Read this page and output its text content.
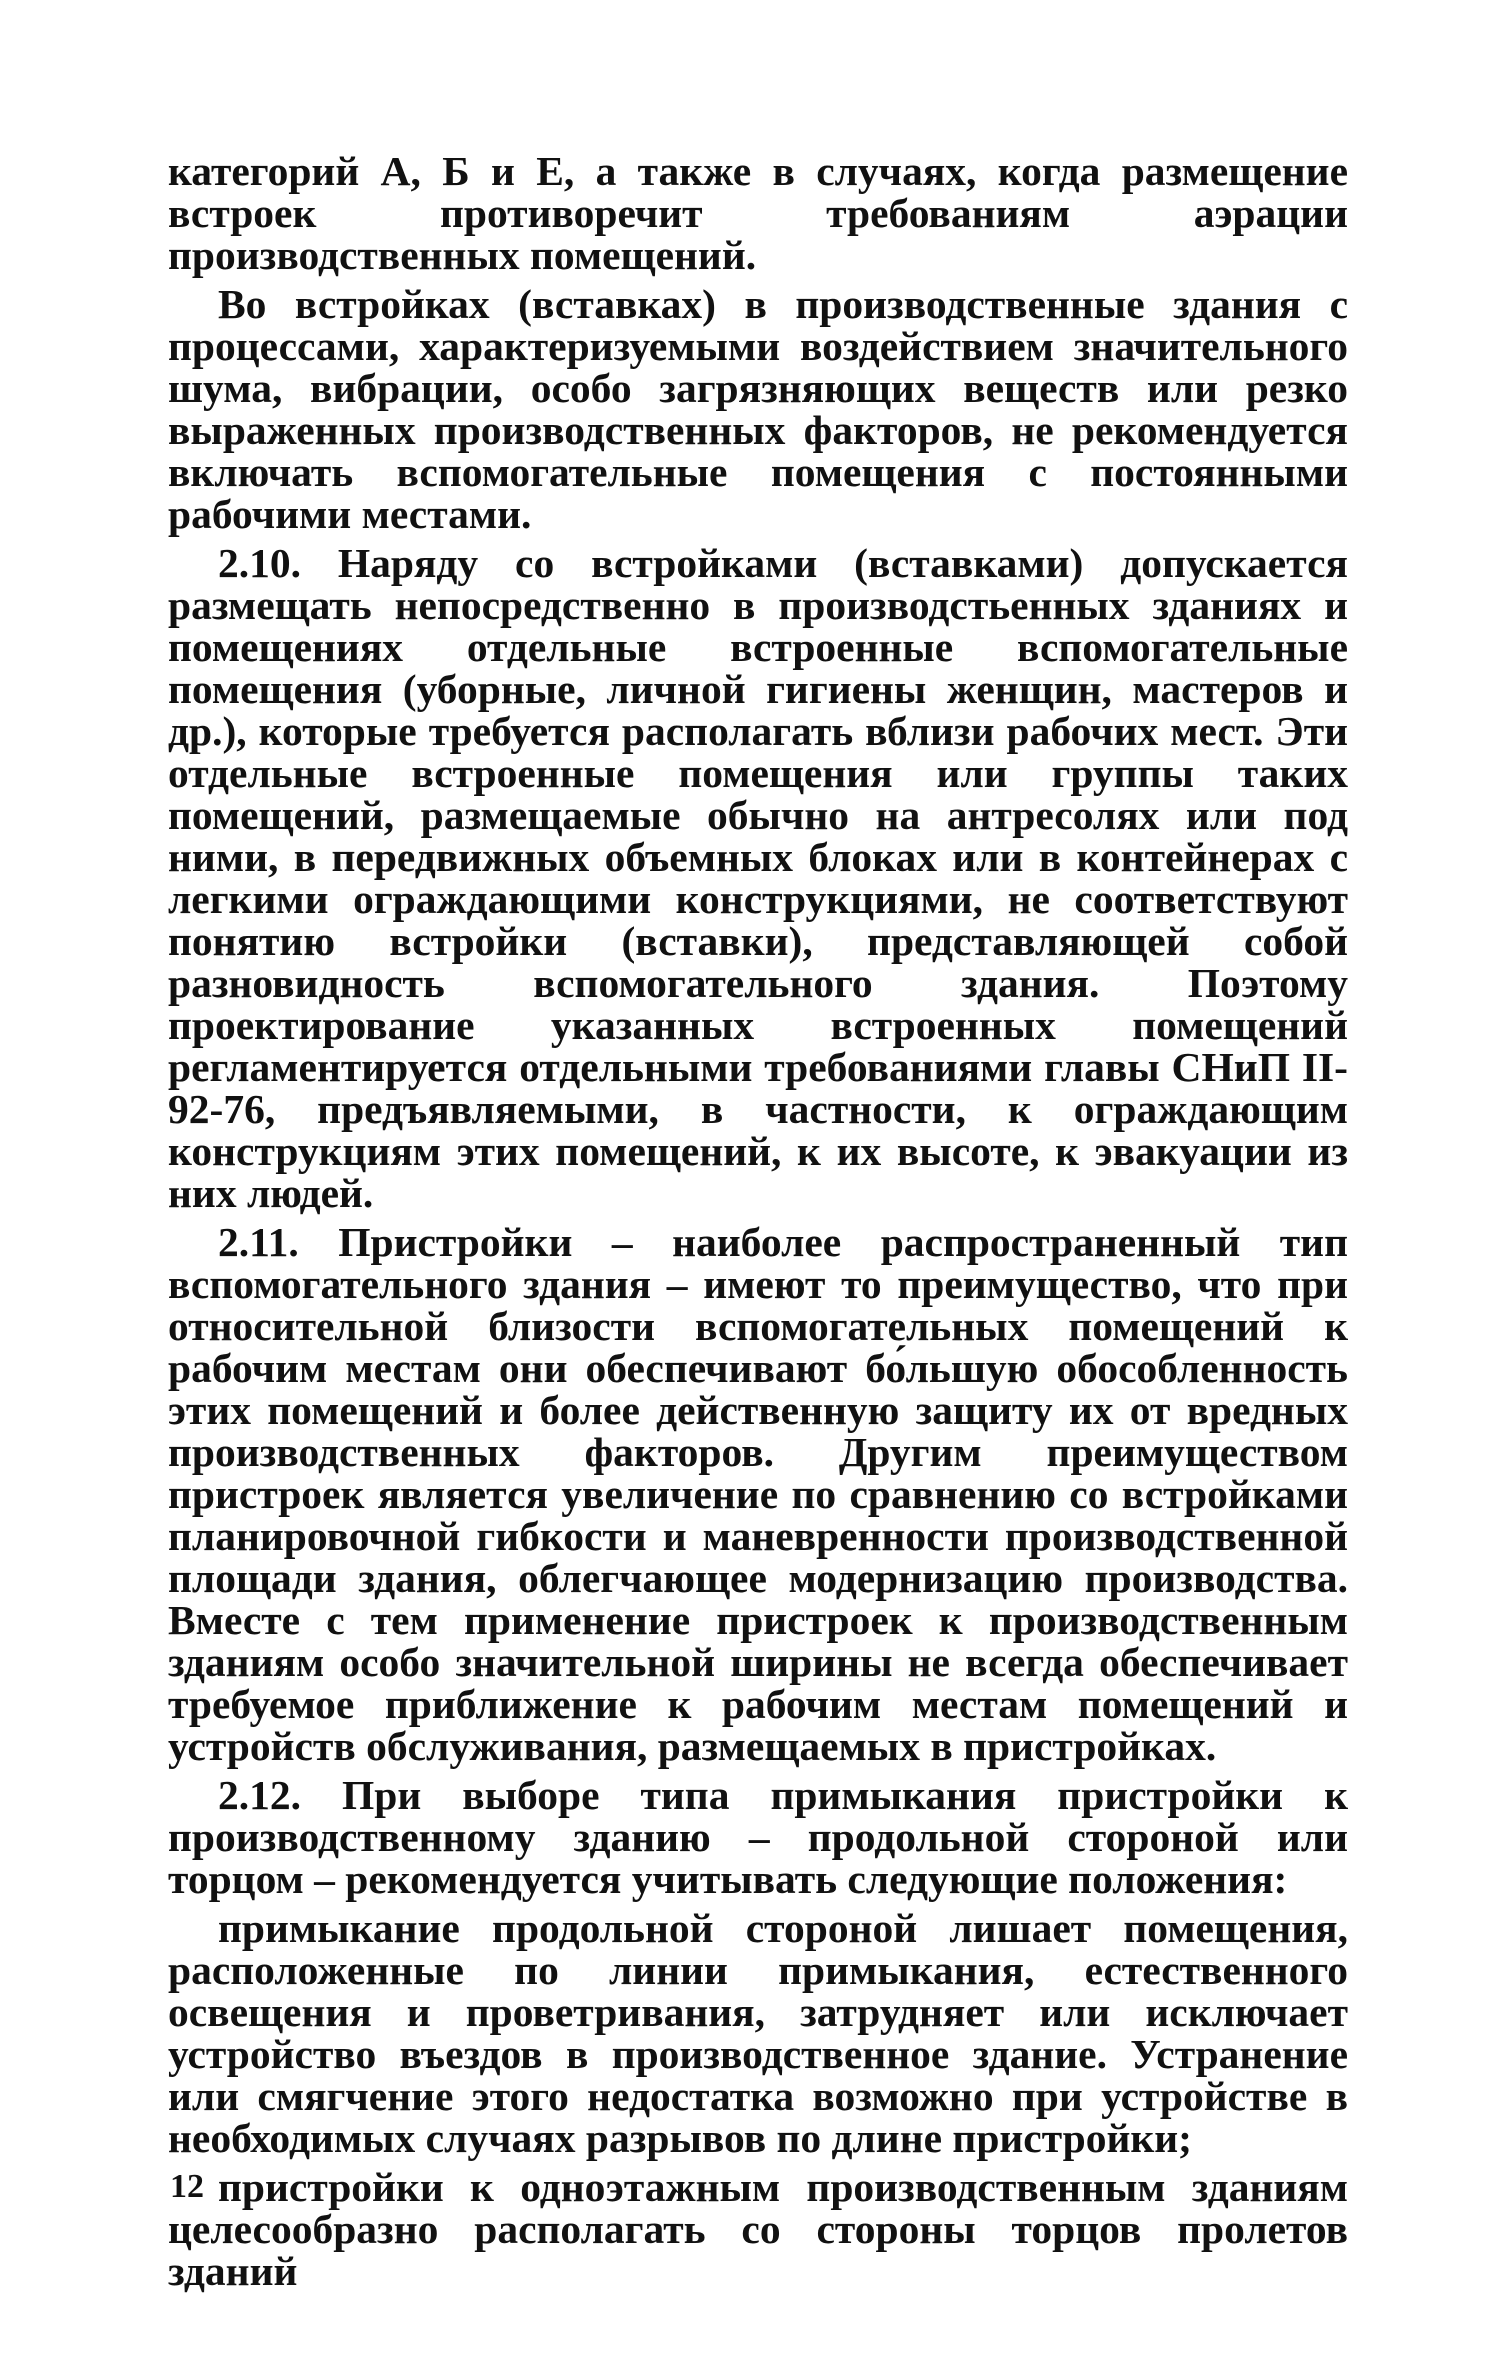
категорий А, Б и Е, а также в случаях, когда размещение встроек противоречит требованиям аэрации производственных помещений.

Во встройках (вставках) в производственные здания с процессами, характеризуемыми воздействием значительного шума, вибрации, особо загрязняющих веществ или резко выраженных производственных факторов, не рекомендуется включать вспомогательные помещения с постоянными рабочими местами.

2.10. Наряду со встройками (вставками) допускается размещать непосредственно в производстьенных зданиях и помещениях отдельные встроенные вспомогательные помещения (уборные, личной гигиены женщин, мастеров и др.), которые требуется располагать вблизи рабочих мест. Эти отдельные встроенные помещения или группы таких помещений, размещаемые обычно на антресолях или под ними, в передвижных объемных блоках или в контейнерах с легкими ограждающими конструкциями, не соответствуют понятию встройки (вставки), представляющей собой разновидность вспомогательного здания. Поэтому проектирование указанных встроенных помещений регламентируется отдельными требованиями главы СНиП II-92-76, предъявляемыми, в частности, к ограждающим конструкциям этих помещений, к их высоте, к эвакуации из них людей.

2.11. Пристройки – наиболее распространенный тип вспомогательного здания – имеют то преимущество, что при относительной близости вспомогательных помещений к рабочим местам они обеспечивают бо́льшую обособленность этих помещений и более действенную защиту их от вредных производственных факторов. Другим преимуществом пристроек является увеличение по сравнению со встройками планировочной гибкости и маневренности производственной площади здания, облегчающее модернизацию производства. Вместе с тем применение пристроек к производственным зданиям особо значительной ширины не всегда обеспечивает требуемое приближение к рабочим местам помещений и устройств обслуживания, размещаемых в пристройках.

2.12. При выборе типа примыкания пристройки к производственному зданию – продольной стороной или торцом – рекомендуется учитывать следующие положения:

примыкание продольной стороной лишает помещения, расположенные по линии примыкания, естественного освещения и проветривания, затрудняет или исключает устройство въездов в производственное здание. Устранение или смягчение этого недостатка возможно при устройстве в необходимых случаях разрывов по длине пристройки;

пристройки к одноэтажным производственным зданиям целесообразно располагать со стороны торцов пролетов зданий

12
